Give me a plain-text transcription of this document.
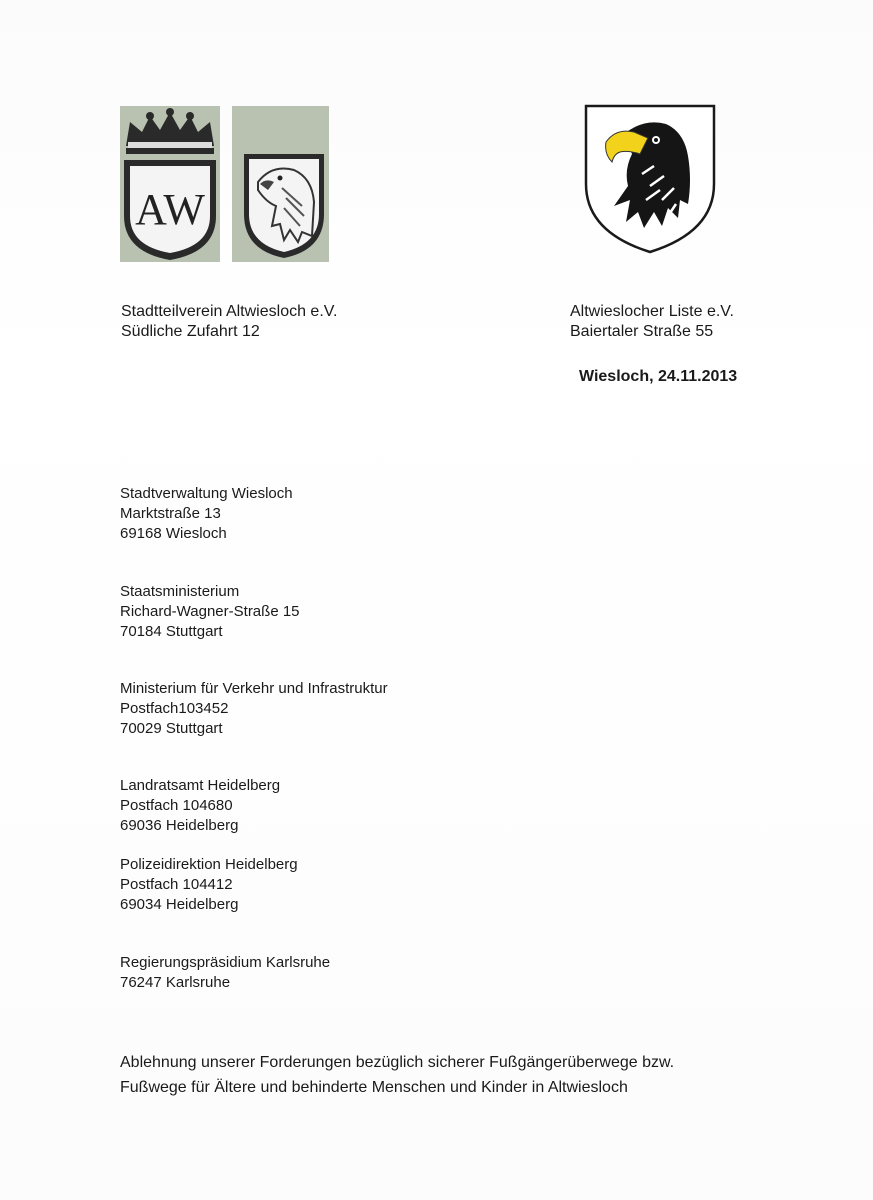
AW
Stadtteilverein Altwiesloch e.V.
Südliche Zufahrt 12
Altwieslocher Liste e.V.
Baiertaler Straße 55
Wiesloch, 24.11.2013
Stadtverwaltung Wiesloch
Marktstraße 13
69168 Wiesloch
Staatsministerium
Richard-Wagner-Straße 15
70184 Stuttgart
Ministerium für Verkehr und Infrastruktur
Postfach103452
70029 Stuttgart
Landratsamt Heidelberg
Postfach 104680
69036 Heidelberg
Polizeidirektion Heidelberg
Postfach 104412
69034 Heidelberg
Regierungspräsidium Karlsruhe
76247 Karlsruhe
Ablehnung unserer Forderungen bezüglich sicherer Fußgängerüberwege bzw.
Fußwege für Ältere und behinderte Menschen und Kinder in Altwiesloch
